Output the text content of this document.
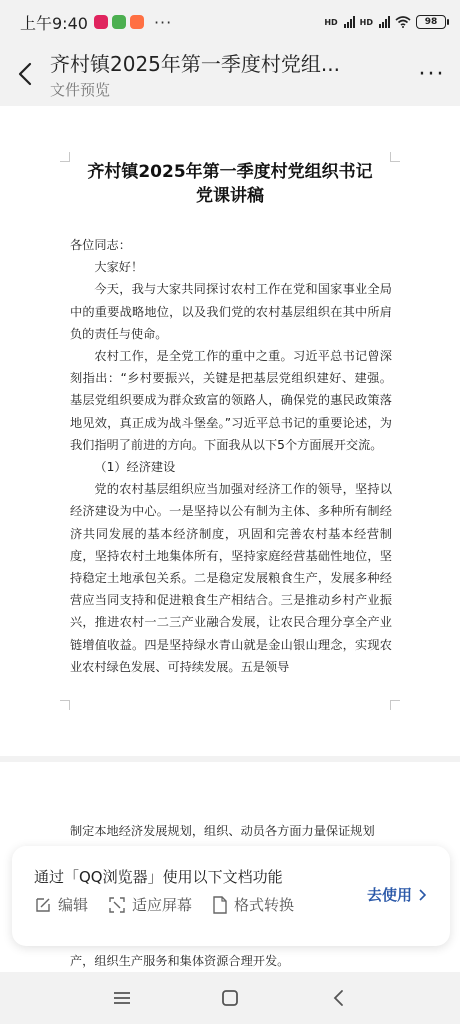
上午9:40	···	HD	HD	98
齐村镇2025年第一季度村党组...
文件预览
···
齐村镇2025年第一季度村党组织书记
党课讲稿

各位同志：

大家好！

今天，我与大家共同探讨农村工作在党和国家事业全局中的重要战略地位，以及我们党的农村基层组织在其中所肩负的责任与使命。

农村工作，是全党工作的重中之重。习近平总书记曾深刻指出：“乡村要振兴，关键是把基层党组织建好、建强。基层党组织要成为群众致富的领路人，确保党的惠民政策落地见效，真正成为战斗堡垒。”习近平总书记的重要论述，为我们指明了前进的方向。下面我从以下5个方面展开交流。

（1）经济建设

党的农村基层组织应当加强对经济工作的领导，坚持以经济建设为中心。一是坚持以公有制为主体、多种所有制经济共同发展的基本经济制度，巩固和完善农村基本经营制度，坚持农村土地集体所有，坚持家庭经营基础性地位，坚持稳定土地承包关系。二是稳定发展粮食生产，发展多种经营应当同支持和促进粮食生产相结合。三是推动乡村产业振兴，推进农村一二三产业融合发展，让农民合理分享全产业链增值收益。四是坚持绿水青山就是金山银山理念，实现农业农村绿色发展、可持续发展。五是领导

制定本地经济发展规划，组织、动员各方面力量保证规划
产，组织生产服务和集体资源合理开发。
通过「QQ浏览器」使用以下文档功能
编辑	适应屏幕	格式转换
去使用
